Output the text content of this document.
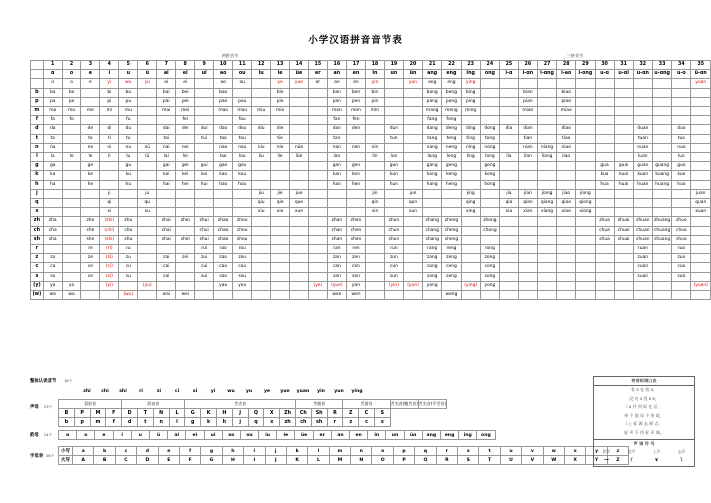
小学汉语拼音音节表
两拼音节	三拼音节
	1	2	3	4	5	6	7	8	9	10	11	12	13	14	15	16	17	18	19	20	21	22	23	24	25	26	27	28	29	30	31	32	33	34	35
	ɑ	o	e	i	u	ü	ai	ei	ui	ao	ou	iu	ie	üe	er	an	en	in	un	ün	ang	eng	ing	ong	i-ɑ	i-ɑn	i-ɑng	i-ao	i-ong	u-ɑ	u-ɑi	u-ɑn	u-ɑng	u-o	ü-ɑn
	ɑ	o	e	yi	wu	yu	ai	ei		ao	ou		ye	yue	er	an	en	yin		yun	ang	eng	ying												yuan
b	ba	bo		bi	bu		bai	bei		bao			bie			ban	ben	bin			bang	beng	bing			bian		biao							
p	pa	po		pi	pu		pai	pei		pao	pou		pie			pan	pen	pin			pang	peng	ping			pian		piao							
m	ma	mo	me	mi	mu		mai	mei		mao	mou	miu	mie			man	men	min			mang	meng	ming			mian		miao							
f	fa	fo			fu			fei			fou					fan	fen				fang	feng													
d	da		de	di	du		dai	dei	dui	dao	dou	diu	die			dan	den		dun		dang	deng	ding	dong	dia	dian		diao				duan		duo	
t	ta		te	ti	tu		tai		tui	tao	tou		tie			tan			tun		tang	teng	ting	tong		tian		tiao				tuan		tuo	
n	na		ne	ni	nu	nü	nai	nei		nao	nou	niu	nie	nüe		nan	nen	nin			nang	neng	ning	nong		nian	niang	niao				nuan		nuo	
l	la	lo	le	li	lu	lü	lai	lei		lao	lou	liu	lie	lüe		lan		lin	lun		lang	leng	ling	long	lia	lian	liang	liao				luan		luo	
g	ga		ge		gu		gai	gei	gui	gao	gou					gan	gen		gun		gang	geng		gong						gua	guai	guan	guang	guo	
k	ka		ke		ku		kai	kei	kui	kao	kou					kan	ken		kun		kang	keng		kong						kua	kuai	kuan	kuang	kuo	
h	ha		he		hu		hai	hei	hui	hao	hou					han	hen		hun		hang	heng		hong						hua	huai	huan	huang	huo	
j				ji		ju						jiu	jie	jue				jin		jun			jing		jia	jian	jiang	jiao	jiong						juan
q				qi		qu						qiu	qie	que				qin		qun			qing		qia	qian	qiang	qiao	qiong						quan
x				xi		xu						xiu	xie	xue				xin		xun			xing		xia	xian	xiang	xiao	xiong						xuan
zh	zha		zhe	(zhi)	zhu		zhai	zhei	zhui	zhao	zhou					zhan	zhen		zhun		zhang	zheng		zhong						zhua	zhuai	zhuan	zhuang	zhuo	
ch	cha		che	(chi)	chu		chai		chui	chao	chou					chan	chen		chun		chang	cheng		chong						chua	chuai	chuan	chuang	chuo	
sh	sha		she	(shi)	shu		shai	shei	shui	shao	shou					shan	shen		shun		shang	sheng								shua	shuai	shuan	shuang	shuo	
r			re	(ri)	ru				rui	rao	rou					ran	ren		run		rang	reng		rong								ruan		ruo	
z	za		ze	(zi)	zu		zai	zei	zui	zao	zou					zan	zen		zun		zang	zeng		zong								zuan		zuo	
c	ca		ce	(ci)	cu		cai		cui	cao	cou					can	cen		cun		cang	ceng		cong								cuan		cuo	
s	sa		se	(si)	su		sai		sui	sao	sou					san	sen		sun		sang	seng		song								suan		suo	
(y)	ya	yo		(yi)		(yu)				yao	you				(ye)	(yue)	yan		(yin)	(yun)	yang		(ying)	yong											(yuan)
(w)	wa	wo			(wu)		wai	wei								wan	wen					weng													
整体认读音节 16个
zhi chi shi	ri	zi	ci	si	yi	wu yu	ye yue yuan yin yun ying
声母 23个
双唇音				唇齿音				舌尖音							舌根音			舌面音			舌尖音(翘舌音)	舌尖音(平舌音)
B	P	M	F	D	T	N	L	G	K	H	J	Q	X	Zh	Ch	Sh	R	Z	C	S		
b	p	m	f	d	t	n	l	g	k	h	j	q	x	zh	ch	sh	r	z	c	s		
韵母 24个	ɑ	o	e	i	u	ü	ai	ei	ui	ao	ou	iu	ie	üe	er	an	en	in	un	ün	ang	eng	ing	ong
字母表 26个
小写	a	b	c	d	e	f	g	h	i	j	k	l	m	n	o	p	q	r	s	t	u	v	w	x	y	z
大写	A	B	C	D	E	F	G	H	I	J	K	L	M	N	O	P	Q	R	S	T	U	V	W	X	Y	Z
拼音标调口诀
有 ɑ 先 找 ɑ，
没 有 ɑ 找 o e，
i u 并 列 标 在 后，
单 个 韵 母 不 用 说，
i 上 标 调 去 掉 点，
轻 声 不 用 标 声 调。
声 调 符 号
阴平	阳平	上声	去声
—	/	∨	\
